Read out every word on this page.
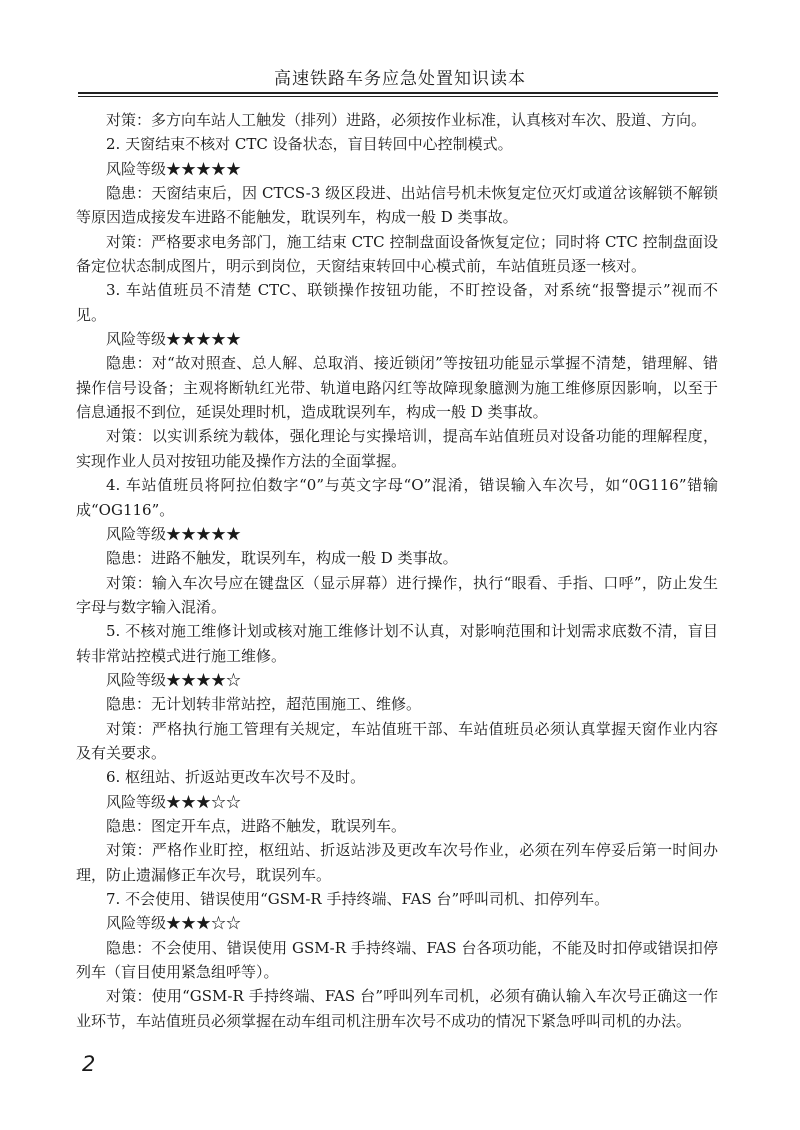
高速铁路车务应急处置知识读本

对策：多方向车站人工触发（排列）进路，必须按作业标准，认真核对车次、股道、方向。

2. 天窗结束不核对 CTC 设备状态，盲目转回中心控制模式。

风险等级★★★★★

隐患：天窗结束后，因 CTCS-3 级区段进、出站信号机未恢复定位灭灯或道岔该解锁不解锁等原因造成接发车进路不能触发，耽误列车，构成一般 D 类事故。

对策：严格要求电务部门，施工结束 CTC 控制盘面设备恢复定位；同时将 CTC 控制盘面设备定位状态制成图片，明示到岗位，天窗结束转回中心模式前，车站值班员逐一核对。

3. 车站值班员不清楚 CTC、联锁操作按钮功能，不盯控设备，对系统“报警提示”视而不见。

风险等级★★★★★

隐患：对“故对照查、总人解、总取消、接近锁闭”等按钮功能显示掌握不清楚，错理解、错操作信号设备；主观将断轨红光带、轨道电路闪红等故障现象臆测为施工维修原因影响，以至于信息通报不到位，延误处理时机，造成耽误列车，构成一般 D 类事故。

对策：以实训系统为载体，强化理论与实操培训，提高车站值班员对设备功能的理解程度，实现作业人员对按钮功能及操作方法的全面掌握。

4. 车站值班员将阿拉伯数字“0”与英文字母“O”混淆，错误输入车次号，如“0G116”错输成“OG116”。

风险等级★★★★★

隐患：进路不触发，耽误列车，构成一般 D 类事故。

对策：输入车次号应在键盘区（显示屏幕）进行操作，执行“眼看、手指、口呼”，防止发生字母与数字输入混淆。

5. 不核对施工维修计划或核对施工维修计划不认真，对影响范围和计划需求底数不清，盲目转非常站控模式进行施工维修。

风险等级★★★★☆

隐患：无计划转非常站控，超范围施工、维修。

对策：严格执行施工管理有关规定，车站值班干部、车站值班员必须认真掌握天窗作业内容及有关要求。

6. 枢纽站、折返站更改车次号不及时。

风险等级★★★☆☆

隐患：图定开车点，进路不触发，耽误列车。

对策：严格作业盯控，枢纽站、折返站涉及更改车次号作业，必须在列车停妥后第一时间办理，防止遗漏修正车次号，耽误列车。

7. 不会使用、错误使用“GSM-R 手持终端、FAS 台”呼叫司机、扣停列车。

风险等级★★★☆☆

隐患：不会使用、错误使用 GSM-R 手持终端、FAS 台各项功能，不能及时扣停或错误扣停列车（盲目使用紧急组呼等）。

对策：使用“GSM-R 手持终端、FAS 台”呼叫列车司机，必须有确认输入车次号正确这一作业环节，车站值班员必须掌握在动车组司机注册车次号不成功的情况下紧急呼叫司机的办法。

2
